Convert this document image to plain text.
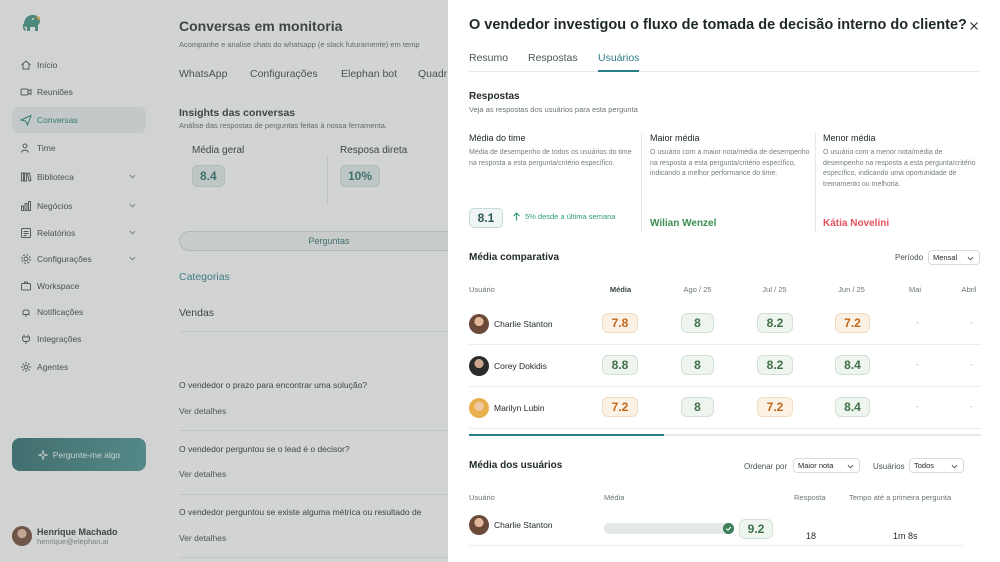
Início
Reuniões
Conversas
Time
Biblioteca
Negócios
Relatórios
Configurações
Workspace
Notificações
Integrações
Agentes
Pergunte-me algo
Henrique Machado
henrique@elephan.ai
Conversas em monitoria
Acompanhe e analise chats do whatsapp (e slack futuramente) em temp
WhatsApp Configurações Elephan bot Quadr
Insights das conversas
Análise das respostas de perguntas feitas à nossa ferramenta.
Média geral
8.4
Resposa direta
10%
Perguntas
Categorias
Vendas
O vendedor o prazo para encontrar uma solução?
Ver detalhes
O vendedor perguntou se o lead é o decisor?
Ver detalhes
O vendedor perguntou se existe alguma métrica ou resultado de
Ver detalhes
O vendedor investigou o fluxo de tomada de decisão interno do cliente?
Resumo Respostas Usuários
Respostas
Veja as respostas dos usuários para esta pergunta
Média do time
Média de desempenho de todos os usuários do time na resposta a esta pergunta/critério específico.
Maior média
O usuário com a maior nota/média de desempenho na resposta a esta pergunta/critério específico, indicando a melhor performance do time.
Menor média
O usuário com a menor nota/média de desempenho na resposta a esta pergunta/critério específico, indicando uma oportunidade de treinamento ou melhoria.
8.1	5% desde a última semana
Wilian Wenzel	Kátia Novelini
Média comparativa	Período Mensal
Usuário	Média	Ago / 25	Jul / 25	Jun / 25	Mai	Abril
Charlie Stanton	7.8	8	8.2	7.2	-	-
Corey Dokidis	8.8	8	8.2	8.4	-	-
Marilyn Lubin	7.2	8	7.2	8.4	-	-
Média dos usuários	Ordenar por Maior nota	Usuários Todos
Usuário	Média	Resposta	Tempo até a primeira pergunta
Charlie Stanton	9.2	18	1m 8s
